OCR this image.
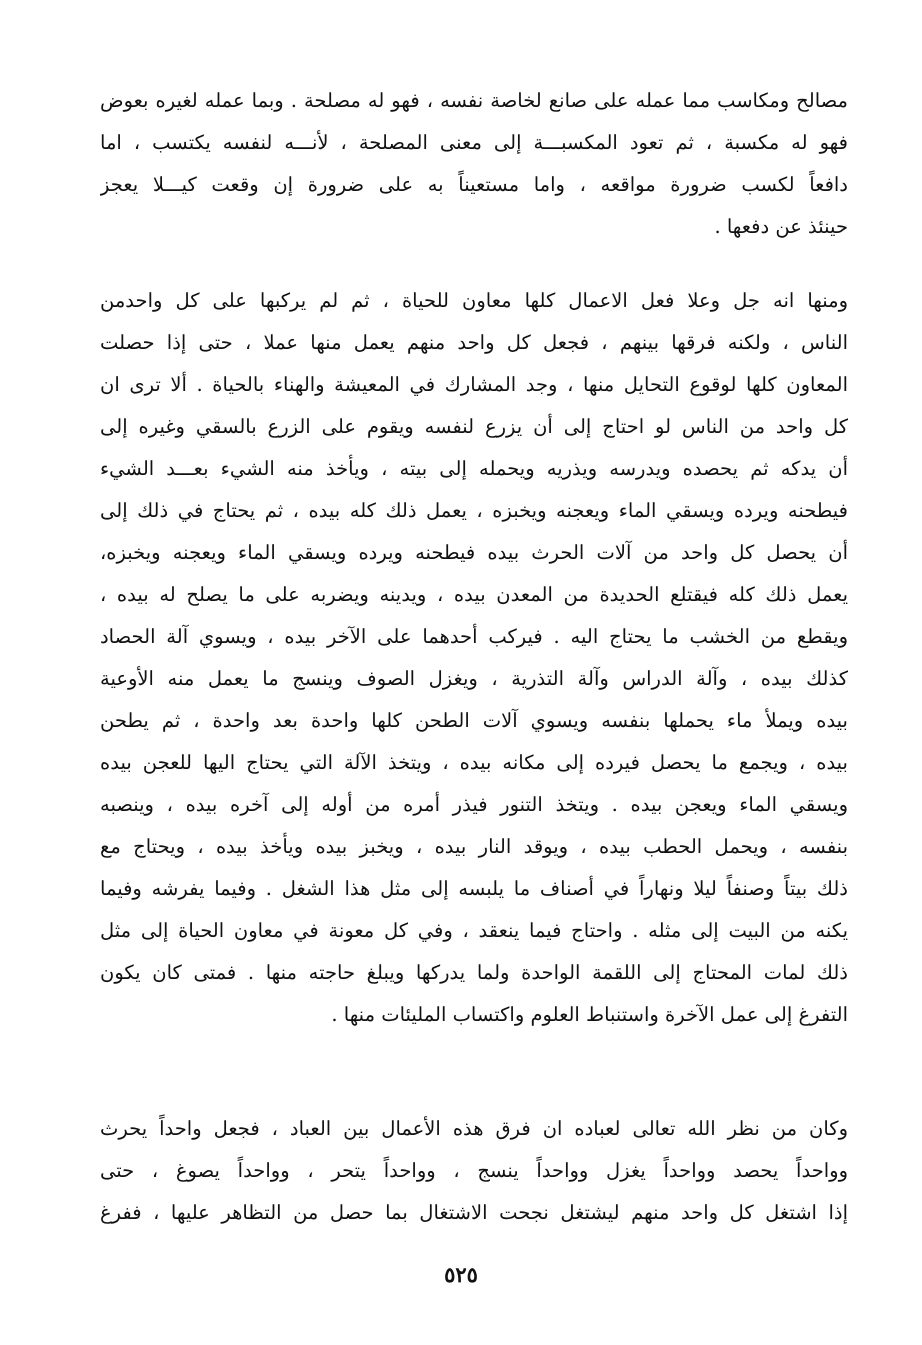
مصالح ومكاسب مما عمله على صانع لخاصة نفسه ، فهو له مصلحة . وبما عمله لغيره بعوض
فهو له مكسبة ، ثم تعود المكسبـــة إلى معنى المصلحة ، لأنـــه لنفسه يكتسب ، اما
دافعاً لكسب ضرورة مواقعه ، واما مستعيناً به على ضرورة إن وقعت كيـــلا يعجز
حينئذ عن دفعها .
ومنها انه جل وعلا فعل الاعمال كلها معاون للحياة ، ثم لم يركبها على كل واحدمن
الناس ، ولكنه فرقها بينهم ، فجعل كل واحد منهم يعمل منها عملا ، حتى إذا حصلت
المعاون كلها لوقوع التحايل منها ، وجد المشارك في المعيشة والهناء بالحياة . ألا ترى ان
كل واحد من الناس لو احتاج إلى أن يزرع لنفسه ويقوم على الزرع بالسقي وغيره إلى
أن يدكه ثم يحصده ويدرسه ويذريه ويحمله إلى بيته ، ويأخذ منه الشيء بعـــد الشيء
فيطحنه ويرده ويسقي الماء ويعجنه ويخبزه ، يعمل ذلك كله بيده ، ثم يحتاج في ذلك إلى
أن يحصل كل واحد من آلات الحرث بيده فيطحنه ويرده ويسقي الماء ويعجنه ويخبزه،
يعمل ذلك كله فيقتلع الحديدة من المعدن بيده ، ويدينه ويضربه على ما يصلح له بيده ،
ويقطع من الخشب ما يحتاج اليه . فيركب أحدهما على الآخر بيده ، ويسوي آلة الحصاد
كذلك بيده ، وآلة الدراس وآلة التذرية ، ويغزل الصوف وينسج ما يعمل منه الأوعية
بيده ويملأ ماء يحملها بنفسه ويسوي آلات الطحن كلها واحدة بعد واحدة ، ثم يطحن
بيده ، ويجمع ما يحصل فيرده إلى مكانه بيده ، ويتخذ الآلة التي يحتاج اليها للعجن بيده
ويسقي الماء ويعجن بيده . ويتخذ التنور فيذر أمره من أوله إلى آخره بيده ، وينصبه
بنفسه ، ويحمل الحطب بيده ، ويوقد النار بيده ، ويخبز بيده ويأخذ بيده ، ويحتاج مع
ذلك بيتاً وصنفاً ليلا ونهاراً في أصناف ما يلبسه إلى مثل هذا الشغل . وفيما يفرشه وفيما
يكنه من البيت إلى مثله . واحتاج فيما ينعقد ، وفي كل معونة في معاون الحياة إلى مثل
ذلك لمات المحتاج إلى اللقمة الواحدة ولما يدركها ويبلغ حاجته منها . فمتى كان يكون
التفرغ إلى عمل الآخرة واستنباط العلوم واكتساب المليئات منها .
وكان من نظر الله تعالى لعباده ان فرق هذه الأعمال بين العباد ، فجعل واحداً يحرث
وواحداً يحصد وواحداً يغزل وواحداً ينسج ، وواحداً يتحر ، وواحداً يصوغ ، حتى
إذا اشتغل كل واحد منهم ليشتغل نجحت الاشتغال بما حصل من التظاهر عليها ، ففرغ
٥٢٥
